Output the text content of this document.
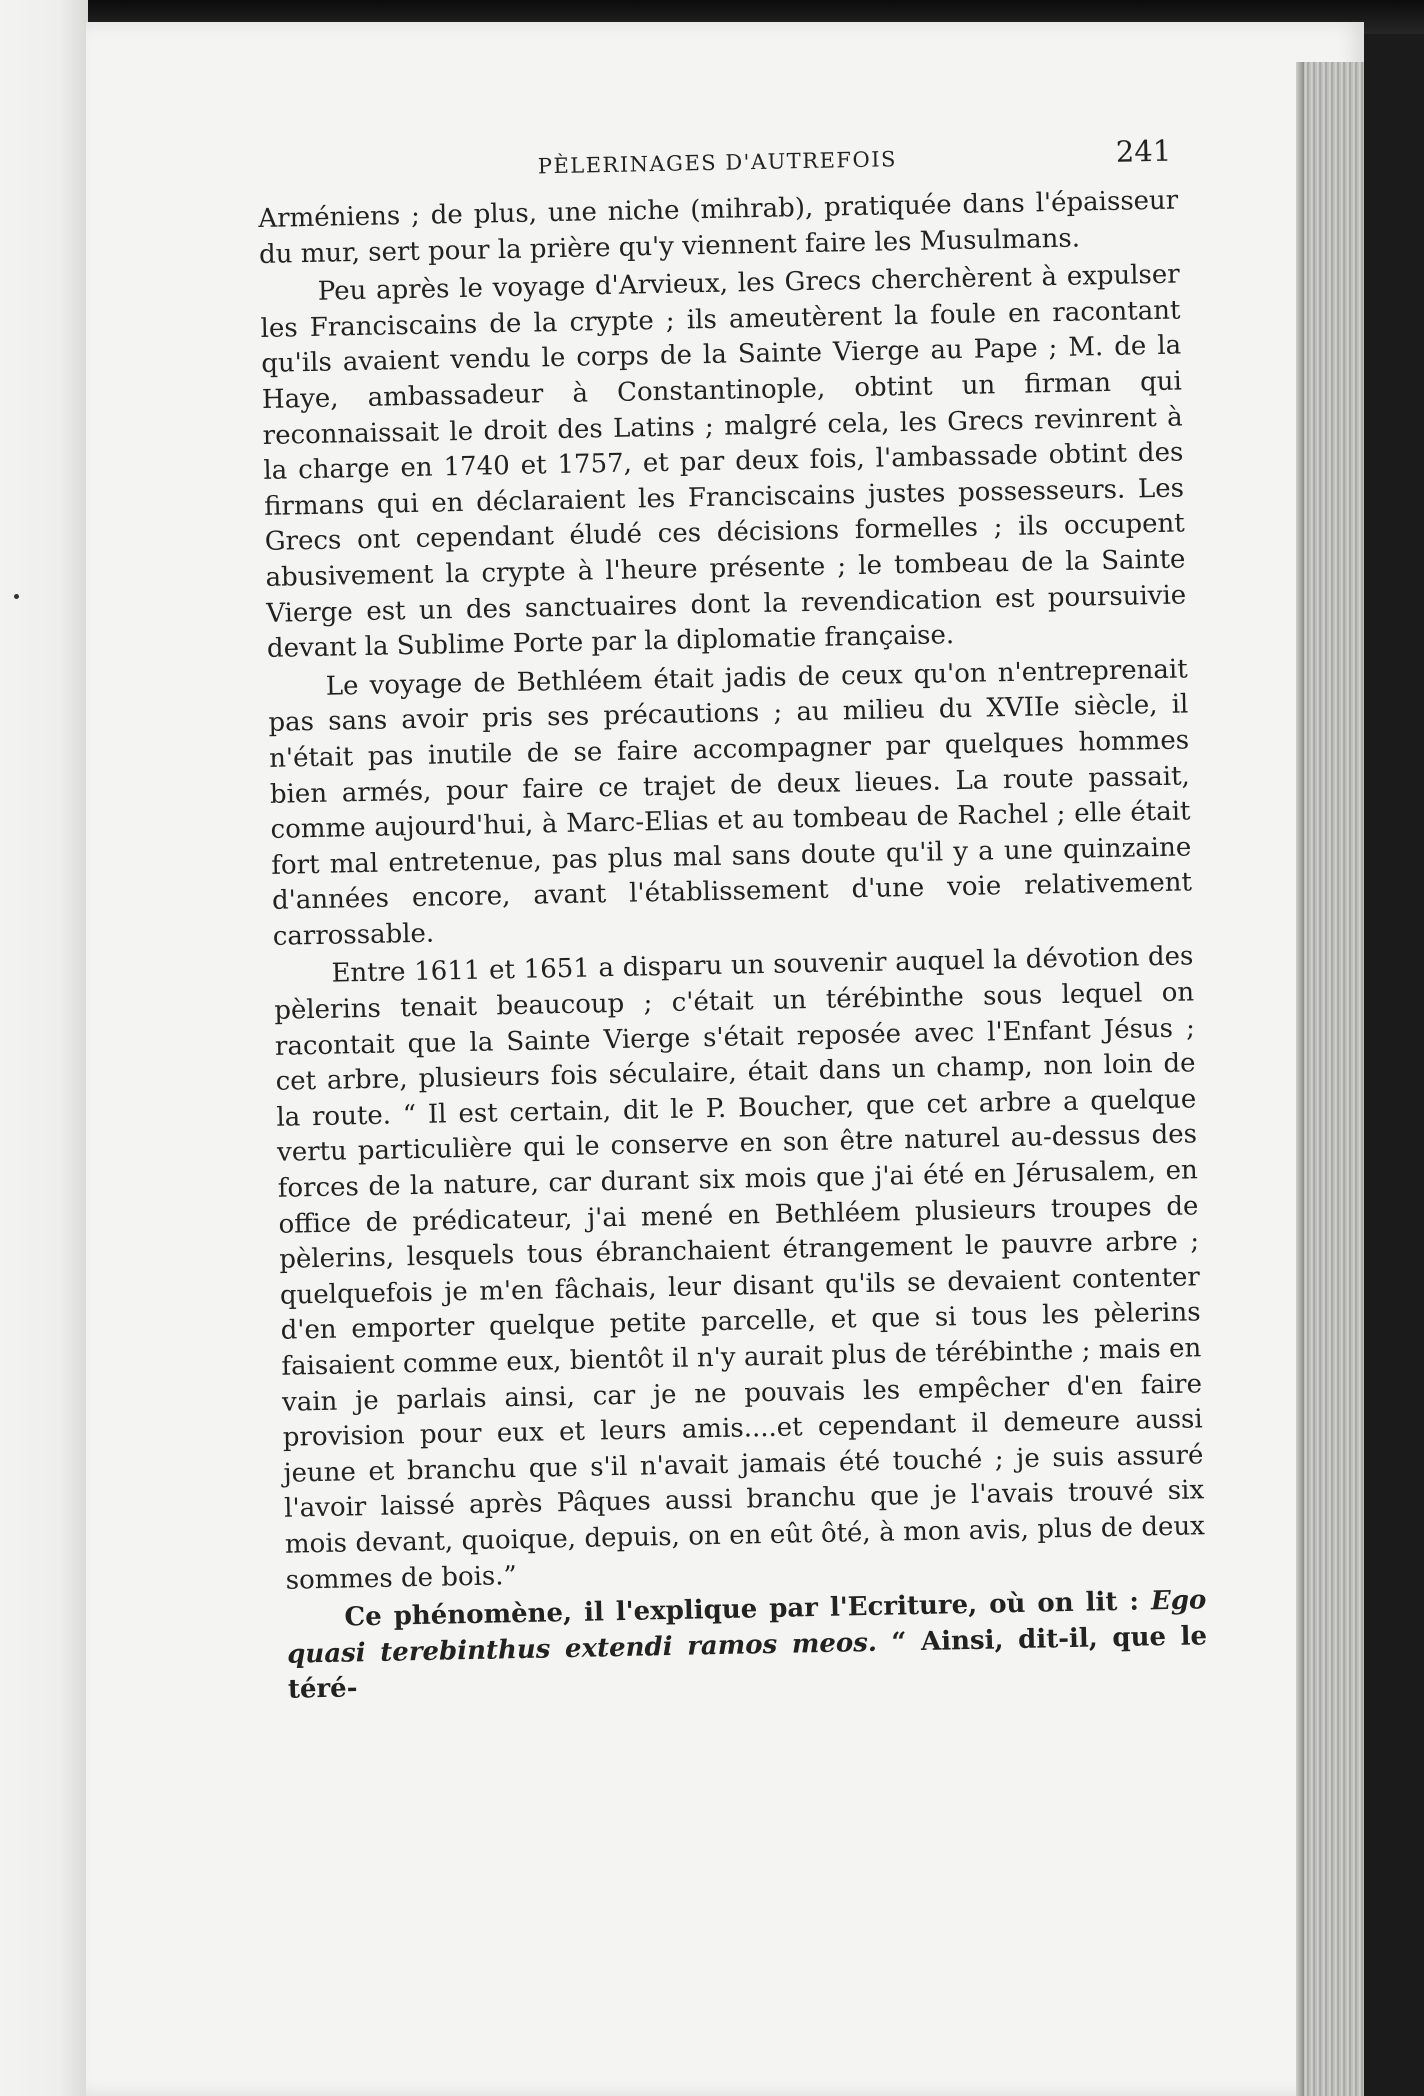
PÈLERINAGES D'AUTREFOIS	241

Arméniens ; de plus, une niche (mihrab), pratiquée dans l'épaisseur du mur, sert pour la prière qu'y viennent faire les Musulmans.

Peu après le voyage d'Arvieux, les Grecs cherchèrent à expulser les Franciscains de la crypte ; ils ameutèrent la foule en racontant qu'ils avaient vendu le corps de la Sainte Vierge au Pape ; M. de la Haye, ambassadeur à Constantinople, obtint un firman qui reconnaissait le droit des Latins ; malgré cela, les Grecs revinrent à la charge en 1740 et 1757, et par deux fois, l'ambassade obtint des firmans qui en déclaraient les Franciscains justes possesseurs. Les Grecs ont cependant éludé ces décisions formelles ; ils occupent abusivement la crypte à l'heure présente ; le tombeau de la Sainte Vierge est un des sanctuaires dont la revendication est poursuivie devant la Sublime Porte par la diplomatie française.

Le voyage de Bethléem était jadis de ceux qu'on n'entreprenait pas sans avoir pris ses précautions ; au milieu du XVIIe siècle, il n'était pas inutile de se faire accompagner par quelques hommes bien armés, pour faire ce trajet de deux lieues. La route passait, comme aujourd'hui, à Marc-Elias et au tombeau de Rachel ; elle était fort mal entretenue, pas plus mal sans doute qu'il y a une quinzaine d'années encore, avant l'établissement d'une voie relativement carrossable.

Entre 1611 et 1651 a disparu un souvenir auquel la dévotion des pèlerins tenait beaucoup ; c'était un térébinthe sous lequel on racontait que la Sainte Vierge s'était reposée avec l'Enfant Jésus ; cet arbre, plusieurs fois séculaire, était dans un champ, non loin de la route. “ Il est certain, dit le P. Boucher, que cet arbre a quelque vertu particulière qui le conserve en son être naturel au-dessus des forces de la nature, car durant six mois que j'ai été en Jérusalem, en office de prédicateur, j'ai mené en Bethléem plusieurs troupes de pèlerins, lesquels tous ébranchaient étrangement le pauvre arbre ; quelquefois je m'en fâchais, leur disant qu'ils se devaient contenter d'en emporter quelque petite parcelle, et que si tous les pèlerins faisaient comme eux, bientôt il n'y aurait plus de térébinthe ; mais en vain je parlais ainsi, car je ne pouvais les empêcher d'en faire provision pour eux et leurs amis....et cependant il demeure aussi jeune et branchu que s'il n'avait jamais été touché ; je suis assuré l'avoir laissé après Pâques aussi branchu que je l'avais trouvé six mois devant, quoique, depuis, on en eût ôté, à mon avis, plus de deux sommes de bois.”

Ce phénomène, il l'explique par l'Ecriture, où on lit : Ego quasi terebinthus extendi ramos meos. “ Ainsi, dit-il, que le téré-
